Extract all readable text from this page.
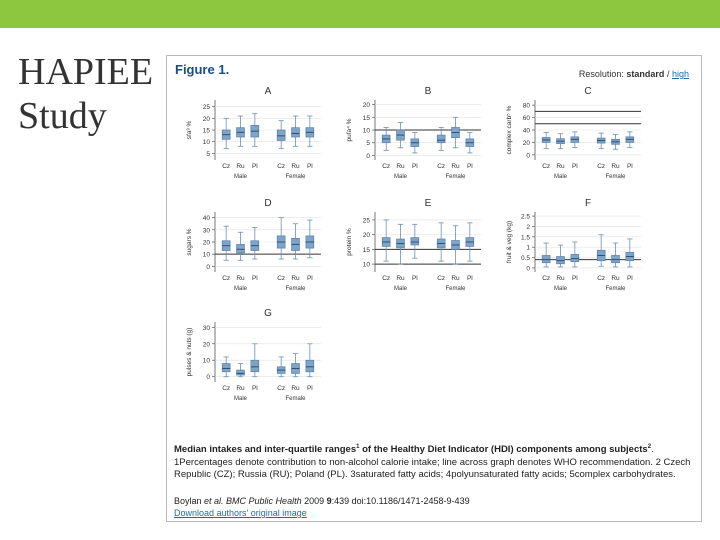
HAPIEE
Study
Figure 1.	Resolution: standard / high
A
5
10
15
20
25
sfa³ %
Cz Ru Pl	Cz Ru Pl
Male	Female
B
0
5
10
15
20
pufa⁴ %
Cz Ru Pl	Cz Ru Pl
Male	Female
C
0
20
40
60
80
complex carb⁵ %
Cz Ru Pl	Cz Ru Pl
Male	Female
D
0
10
20
30
40
sugars %
Cz Ru Pl	Cz Ru Pl
Male	Female
E
10
15
20
25
protein %
Cz Ru Pl	Cz Ru Pl
Male	Female
F
0
0.5
1
1.5
2
2.5
fruit & veg (kg)
Cz Ru Pl	Cz Ru Pl
Male	Female
G
0
10
20
30
pulses & nuts (g)
Cz Ru Pl	Cz Ru Pl
Male	Female
Median intakes and inter-quartile ranges$^1$ of the Healthy Diet Indicator (HDI) components among subjects$^2$. 1Percentages denote contribution to non-alcohol calorie intake; line across graph denotes WHO recommendation. 2 Czech Republic (CZ); Russia (RU); Poland (PL). 3saturated fatty acids; 4polyunsaturated fatty acids; 5complex carbohydrates.
Boylan et al. BMC Public Health 2009 9:439 doi:10.1186/1471-2458-9-439
Download authors' original image
